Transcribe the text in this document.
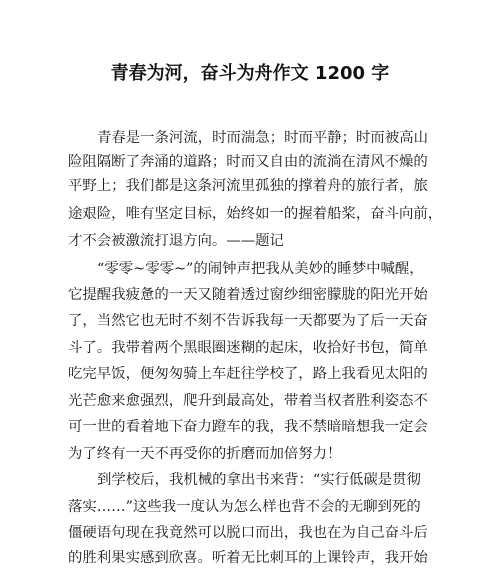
青春为河，奋斗为舟作文 1200 字
青春是一条河流，时而湍急；时而平静；时而被高山
险阻隔断了奔涌的道路；时而又自由的流淌在清风不燥的
平野上；我们都是这条河流里孤独的撑着舟的旅行者，旅
途艰险，唯有坚定目标，始终如一的握着船桨，奋斗向前，
才不会被激流打退方向。——题记
“零零~零零~”的闹钟声把我从美妙的睡梦中喊醒，
它提醒我疲惫的一天又随着透过窗纱细密朦胧的阳光开始
了，当然它也无时不刻不告诉我每一天都要为了后一天奋
斗了。我带着两个黑眼圈迷糊的起床，收拾好书包，简单
吃完早饭，便匆匆骑上车赶往学校了，路上我看见太阳的
光芒愈来愈强烈，爬升到最高处，带着当权者胜利姿态不
可一世的看着地下奋力蹬车的我，我不禁暗暗想我一定会
为了终有一天不再受你的折磨而加倍努力！
到学校后，我机械的拿出书来背：“实行低碳是贯彻
落实……”这些我一度认为怎么样也背不会的无聊到死的
僵硬语句现在我竟然可以脱口而出，我也在为自己奋斗后
的胜利果实感到欣喜。听着无比刺耳的上课铃声，我开始
